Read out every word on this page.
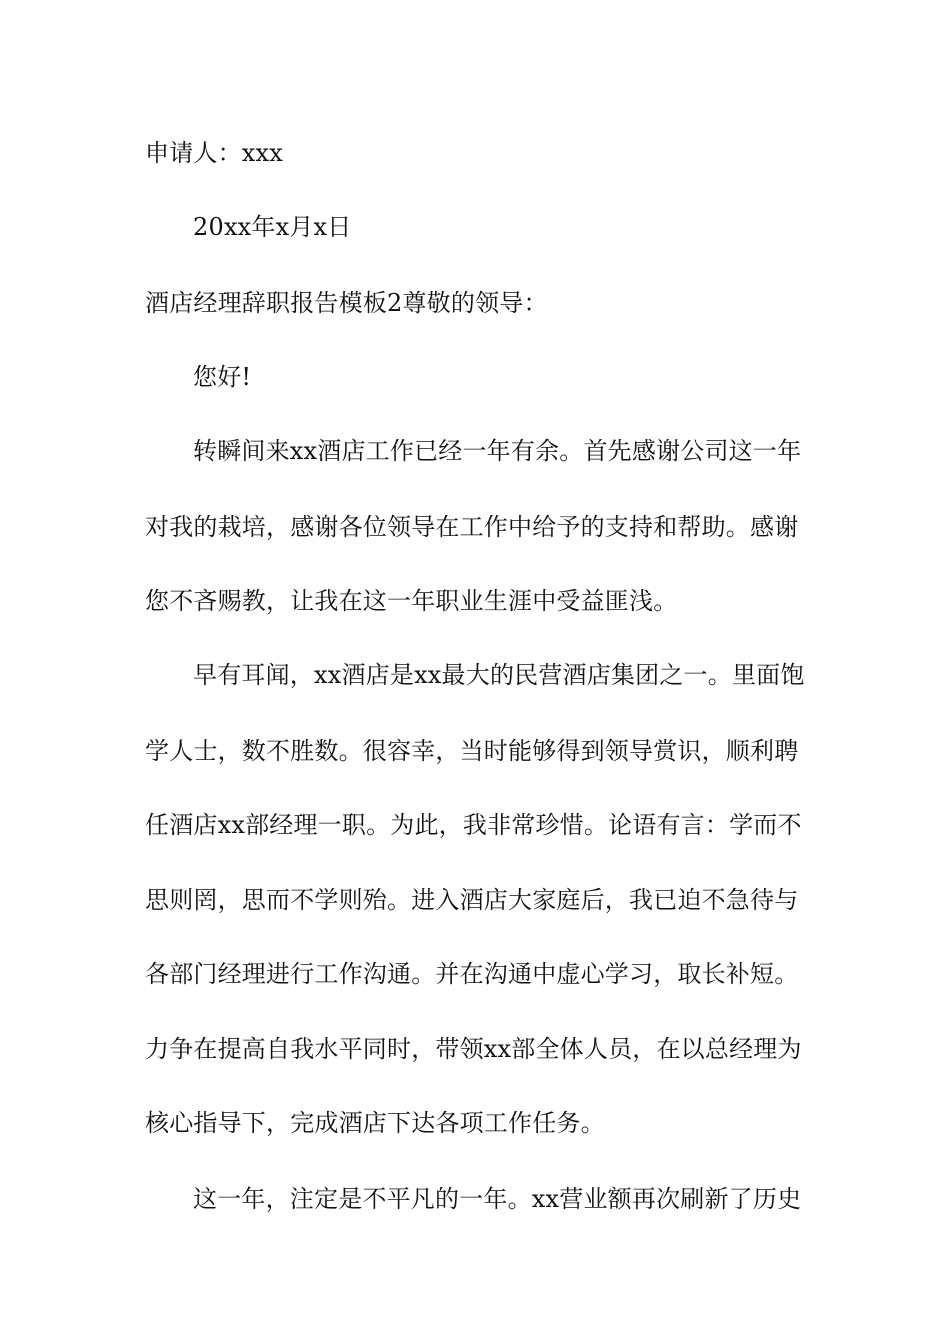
申请人：xxx
20xx年x月x日
酒店经理辞职报告模板2尊敬的领导：
您好!
转瞬间来xx酒店工作已经一年有余。首先感谢公司这一年
对我的栽培，感谢各位领导在工作中给予的支持和帮助。感谢
您不吝赐教，让我在这一年职业生涯中受益匪浅。
早有耳闻，xx酒店是xx最大的民营酒店集团之一。里面饱
学人士，数不胜数。很容幸，当时能够得到领导赏识，顺利聘
任酒店xx部经理一职。为此，我非常珍惜。论语有言：学而不
思则罔，思而不学则殆。进入酒店大家庭后，我已迫不急待与
各部门经理进行工作沟通。并在沟通中虚心学习，取长补短。
力争在提高自我水平同时，带领xx部全体人员，在以总经理为
核心指导下，完成酒店下达各项工作任务。
这一年，注定是不平凡的一年。xx营业额再次刷新了历史
